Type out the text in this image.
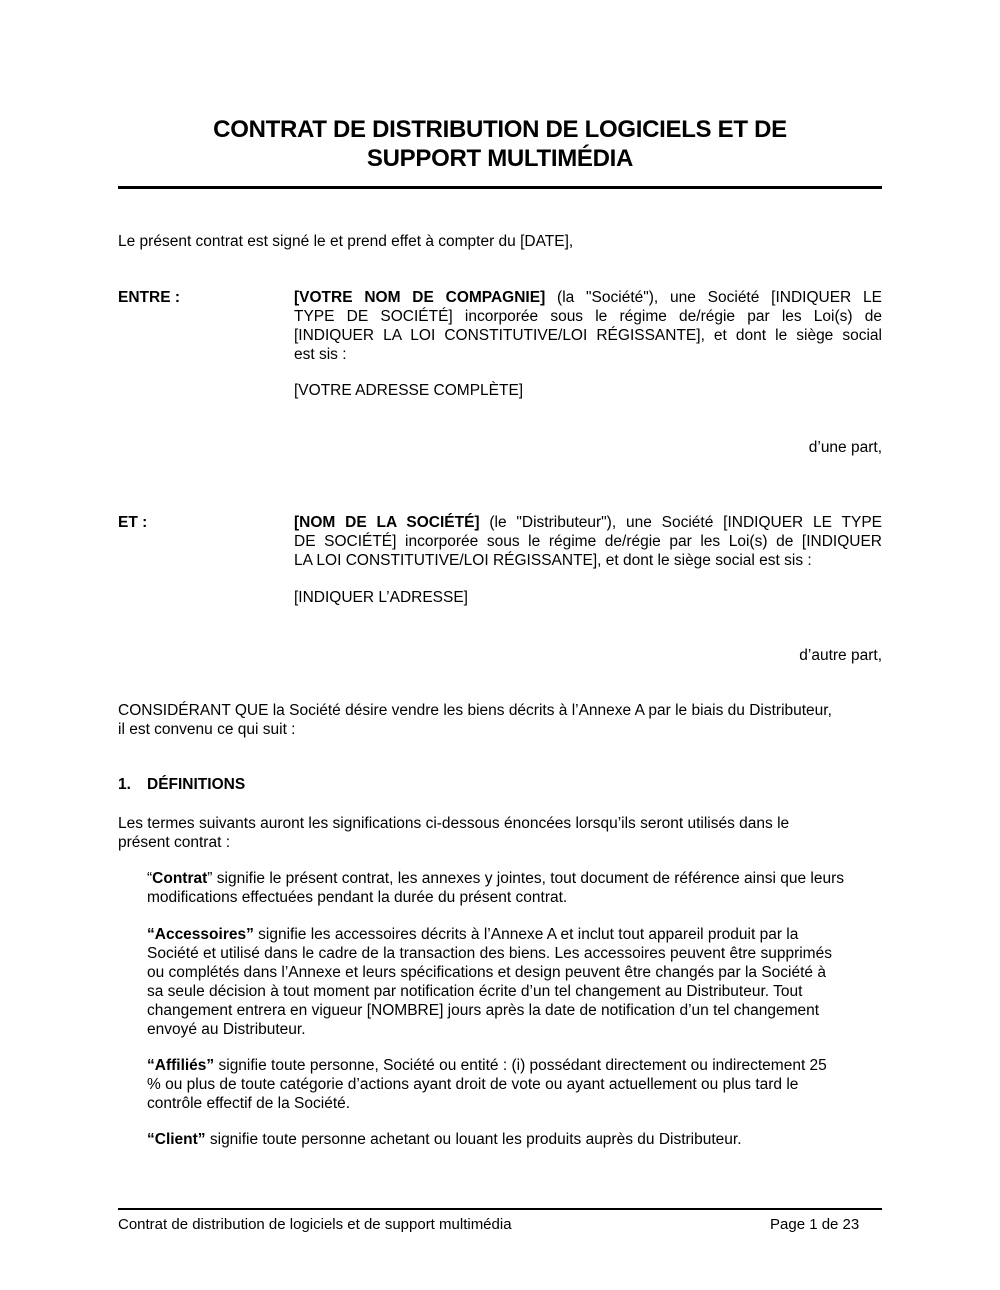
CONTRAT DE DISTRIBUTION DE LOGICIELS ET DE
SUPPORT MULTIMÉDIA
Le présent contrat est signé le et prend effet à compter du [DATE],
ENTRE :	[VOTRE NOM DE COMPAGNIE] (la "Société"), une Société [INDIQUER LE
TYPE DE SOCIÉTÉ] incorporée sous le régime de/régie par les Loi(s) de
[INDIQUER LA LOI CONSTITUTIVE/LOI RÉGISSANTE], et dont le siège social
est sis :
[VOTRE ADRESSE COMPLÈTE]
d’une part,
ET :	[NOM DE LA SOCIÉTÉ] (le "Distributeur"), une Société [INDIQUER LE TYPE
DE SOCIÉTÉ] incorporée sous le régime de/régie par les Loi(s) de [INDIQUER
LA LOI CONSTITUTIVE/LOI RÉGISSANTE], et dont le siège social est sis :
[INDIQUER L’ADRESSE]
d’autre part,
CONSIDÉRANT QUE la Société désire vendre les biens décrits à l’Annexe A par le biais du Distributeur,
il est convenu ce qui suit :
1. DÉFINITIONS
Les termes suivants auront les significations ci-dessous énoncées lorsqu’ils seront utilisés dans le
présent contrat :
“Contrat” signifie le présent contrat, les annexes y jointes, tout document de référence ainsi que leurs
modifications effectuées pendant la durée du présent contrat.
“Accessoires” signifie les accessoires décrits à l’Annexe A et inclut tout appareil produit par la
Société et utilisé dans le cadre de la transaction des biens. Les accessoires peuvent être supprimés
ou complétés dans l’Annexe et leurs spécifications et design peuvent être changés par la Société à
sa seule décision à tout moment par notification écrite d’un tel changement au Distributeur. Tout
changement entrera en vigueur [NOMBRE] jours après la date de notification d’un tel changement
envoyé au Distributeur.
“Affiliés” signifie toute personne, Société ou entité : (i) possédant directement ou indirectement 25
% ou plus de toute catégorie d’actions ayant droit de vote ou ayant actuellement ou plus tard le
contrôle effectif de la Société.
“Client” signifie toute personne achetant ou louant les produits auprès du Distributeur.
Contrat de distribution de logiciels et de support multimédia	Page 1 de 23
